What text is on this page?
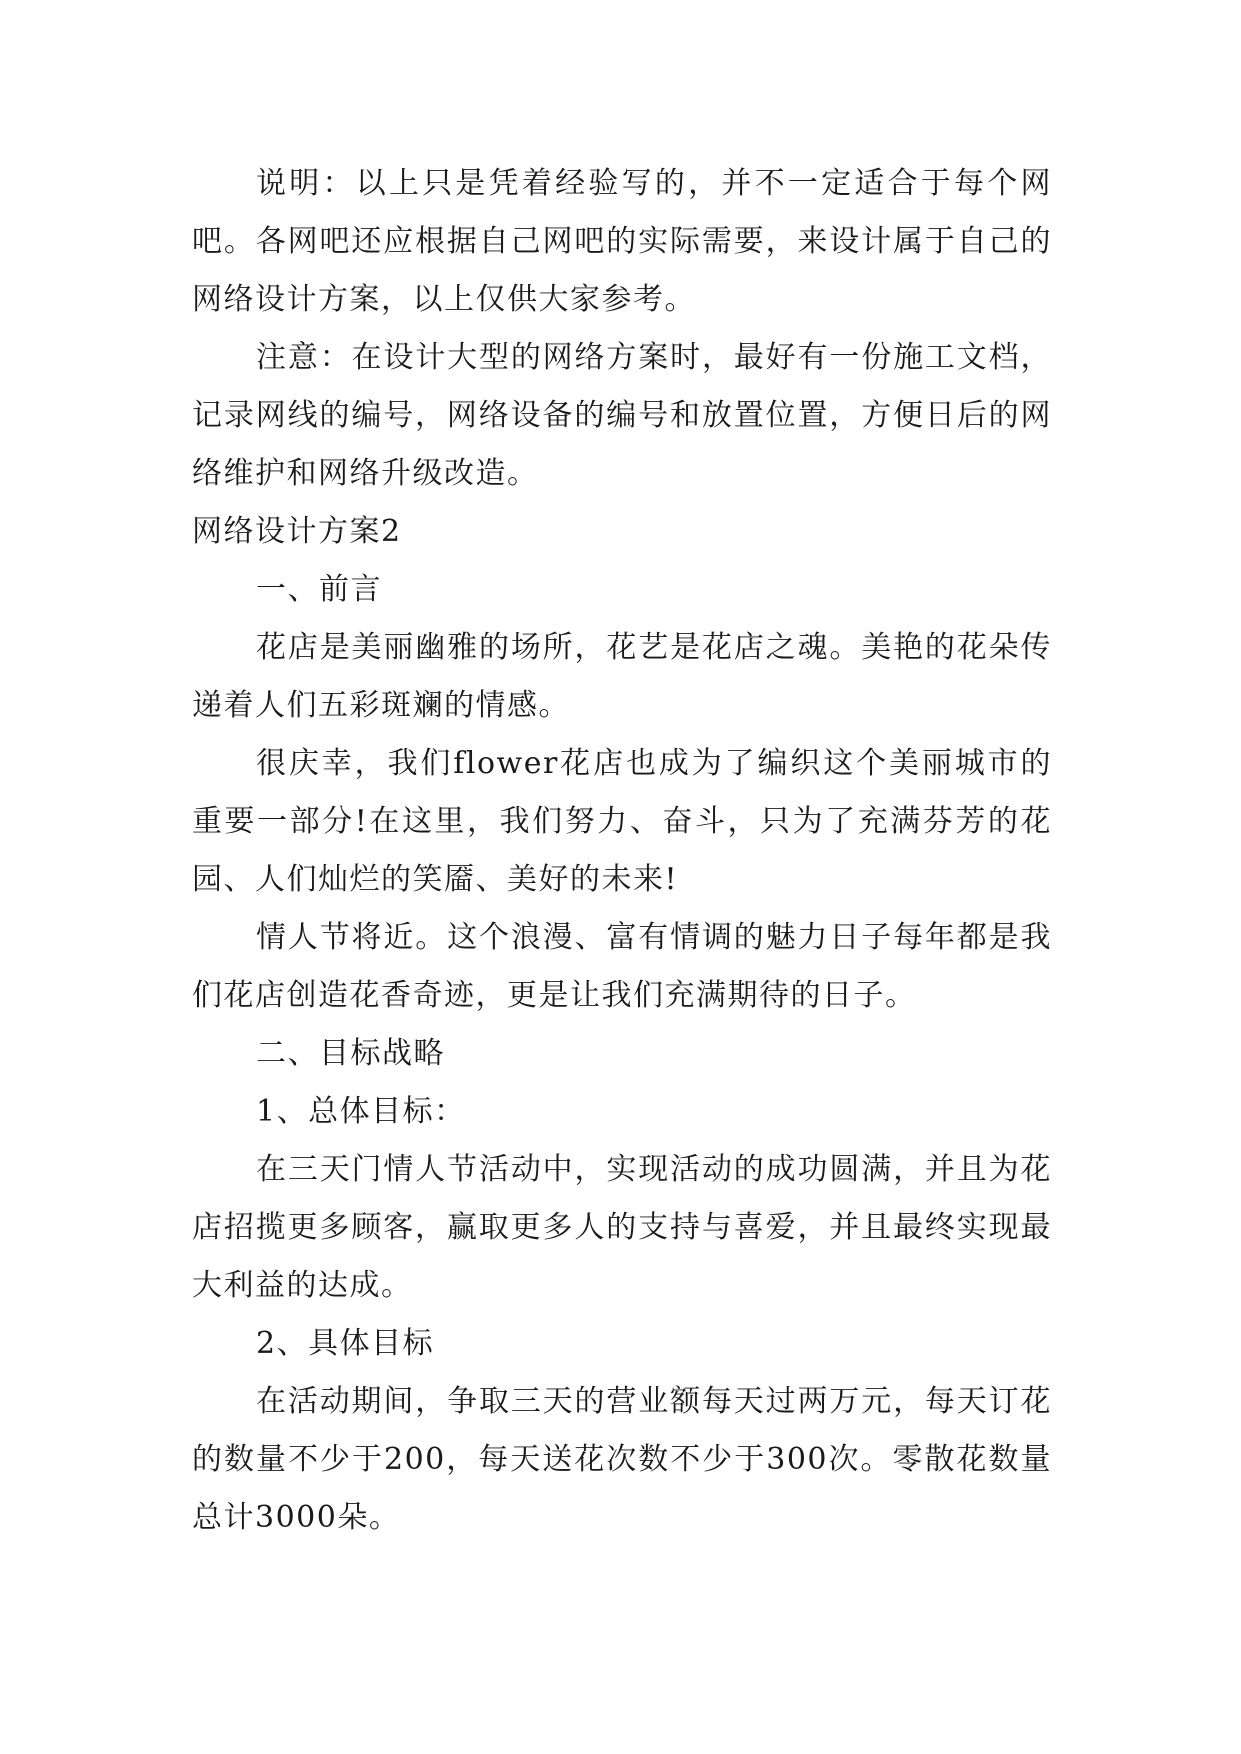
说明：以上只是凭着经验写的，并不一定适合于每个网吧。各网吧还应根据自己网吧的实际需要，来设计属于自己的网络设计方案，以上仅供大家参考。

注意：在设计大型的网络方案时，最好有一份施工文档，记录网线的编号，网络设备的编号和放置位置，方便日后的网络维护和网络升级改造。

网络设计方案2

一、前言

花店是美丽幽雅的场所，花艺是花店之魂。美艳的花朵传递着人们五彩斑斓的情感。

很庆幸，我们flower花店也成为了编织这个美丽城市的重要一部分!在这里，我们努力、奋斗，只为了充满芬芳的花园、人们灿烂的笑靥、美好的未来!

情人节将近。这个浪漫、富有情调的魅力日子每年都是我们花店创造花香奇迹，更是让我们充满期待的日子。

二、目标战略

1、总体目标：

在三天门情人节活动中，实现活动的成功圆满，并且为花店招揽更多顾客，赢取更多人的支持与喜爱，并且最终实现最大利益的达成。

2、具体目标

在活动期间，争取三天的营业额每天过两万元，每天订花的数量不少于200，每天送花次数不少于300次。零散花数量总计3000朵。
